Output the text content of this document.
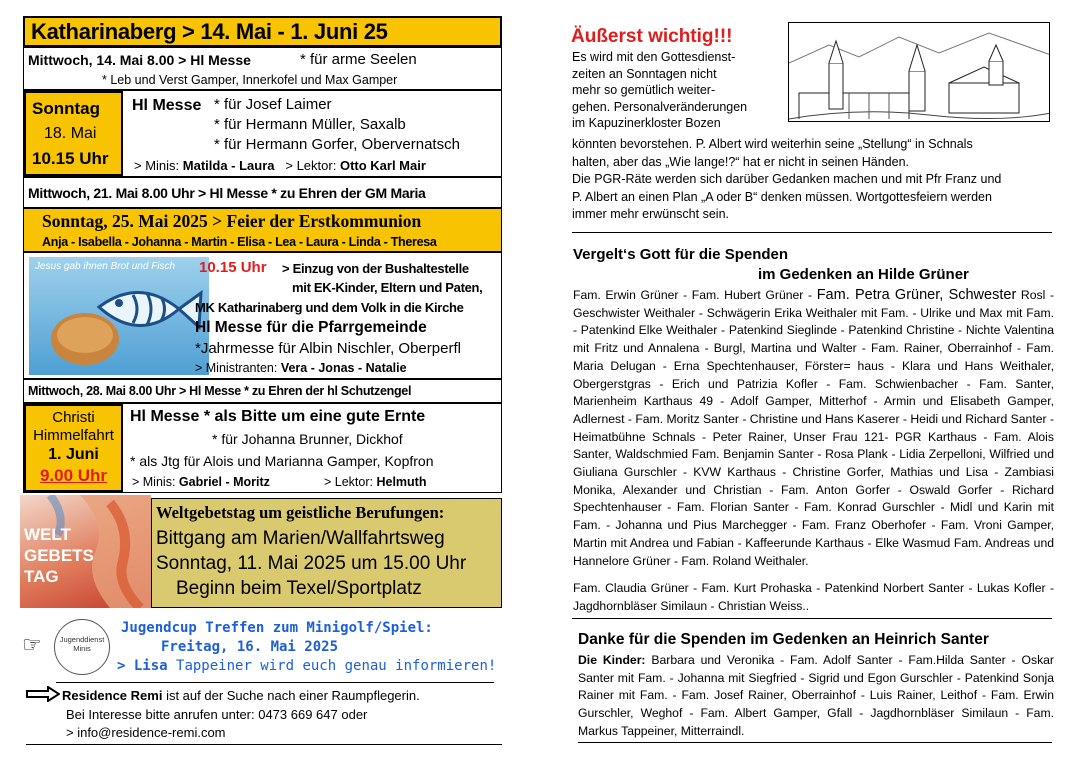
Katharinaberg > 14. Mai - 1. Juni 25
Mittwoch, 14. Mai 8.00 > Hl Messe	* für arme Seelen
* Leb und Verst Gamper, Innerkofel und Max Gamper
Sonntag
18. Mai
10.15 Uhr
Hl Messe * für Josef Laimer
* für Hermann Müller, Saxalb
* für Hermann Gorfer, Obervernatsch
> Minis: Matilda - Laura > Lektor: Otto Karl Mair
Mittwoch, 21. Mai 8.00 Uhr > Hl Messe * zu Ehren der GM Maria
Sonntag, 25. Mai 2025 > Feier der Erstkommunion
Anja - Isabella - Johanna - Martin - Elisa - Lea - Laura - Linda - Theresa
Jesus gab ihnen Brot und Fisch 10.15 Uhr > Einzug von der Bushaltestelle
mit EK-Kinder, Eltern und Paten,
MK Katharinaberg und dem Volk in die Kirche
Hl Messe für die Pfarrgemeinde
*Jahrmesse für Albin Nischler, Oberperfl
> Ministranten: Vera - Jonas - Natalie
Mittwoch, 28. Mai 8.00 Uhr > Hl Messe * zu Ehren der hl Schutzengel
Christi
Himmelfahrt
1. Juni
9.00 Uhr
Hl Messe * als Bitte um eine gute Ernte
* für Johanna Brunner, Dickhof
* als Jtg für Alois und Marianna Gamper, Kopfron
> Minis: Gabriel - Moritz	> Lektor: Helmuth
WELT
GEBETS
TAG
Weltgebetstag um geistliche Berufungen:
Bittgang am Marien/Wallfahrtsweg
Sonntag, 11. Mai 2025 um 15.00 Uhr
Beginn beim Texel/Sportplatz
☞ Jugenddienst Minis
Jugendcup Treffen zum Minigolf/Spiel:
Freitag, 16. Mai 2025
> Lisa Tappeiner wird euch genau informieren!
Residence Remi ist auf der Suche nach einer Raumpflegerin.
Bei Interesse bitte anrufen unter: 0473 669 647 oder
> info@residence-remi.com
Äußerst wichtig!!!
Es wird mit den Gottesdienst-
zeiten an Sonntagen nicht
mehr so gemütlich weiter-
gehen. Personalveränderungen
im Kapuzinerkloster Bozen
könnten bevorstehen. P. Albert wird weiterhin seine „Stellung“ in Schnals
halten, aber das „Wie lange!?“ hat er nicht in seinen Händen.
Die PGR-Räte werden sich darüber Gedanken machen und mit Pfr Franz und
P. Albert an einen Plan „A oder B“ denken müssen. Wortgottesfeiern werden
immer mehr erwünscht sein.
Vergelt‘s Gott für die Spenden
im Gedenken an Hilde Grüner
Fam. Erwin Grüner - Fam. Hubert Grüner - Fam. Petra Grüner, Schwester Rosl - Geschwister Weithaler - Schwägerin Erika Weithaler mit Fam. - Ulrike und Max mit Fam. - Patenkind Elke Weithaler - Patenkind Sieglinde - Patenkind Christine - Nichte Valentina mit Fritz und Annalena - Burgl, Martina und Walter - Fam. Rainer, Oberrainhof - Fam. Maria Delugan - Erna Spechtenhauser, Förster= haus - Klara und Hans Weithaler, Obergerstgras - Erich und Patrizia Kofler - Fam. Schwienbacher - Fam. Santer, Marienheim Karthaus 49 - Adolf Gamper, Mitterhof - Armin und Elisabeth Gamper, Adlernest - Fam. Moritz Santer - Christine und Hans Kaserer - Heidi und Richard Santer - Heimatbühne Schnals - Peter Rainer, Unser Frau 121- PGR Karthaus - Fam. Alois Santer, Waldschmied Fam. Benjamin Santer - Rosa Plank - Lidia Zerpelloni, Wilfried und Giuliana Gurschler - KVW Karthaus - Christine Gorfer, Mathias und Lisa - Zambiasi Monika, Alexander und Christian - Fam. Anton Gorfer - Oswald Gorfer - Richard Spechtenhauser - Fam. Florian Santer - Fam. Konrad Gurschler - Midl und Karin mit Fam. - Johanna und Pius Marchegger - Fam. Franz Oberhofer - Fam. Vroni Gamper, Martin mit Andrea und Fabian - Kaffeerunde Karthaus - Elke Wasmud Fam. Andreas und Hannelore Grüner - Fam. Roland Weithaler.
Fam. Claudia Grüner - Fam. Kurt Prohaska - Patenkind Norbert Santer - Lukas Kofler - Jagdhornbläser Similaun - Christian Weiss..
Danke für die Spenden im Gedenken an Heinrich Santer
Die Kinder: Barbara und Veronika - Fam. Adolf Santer - Fam.Hilda Santer - Oskar Santer mit Fam. - Johanna mit Siegfried - Sigrid und Egon Gurschler - Patenkind Sonja Rainer mit Fam. - Fam. Josef Rainer, Oberrainhof - Luis Rainer, Leithof - Fam. Erwin Gurschler, Weghof - Fam. Albert Gamper, Gfall - Jagdhornbläser Similaun - Fam. Markus Tappeiner, Mitterraindl.
